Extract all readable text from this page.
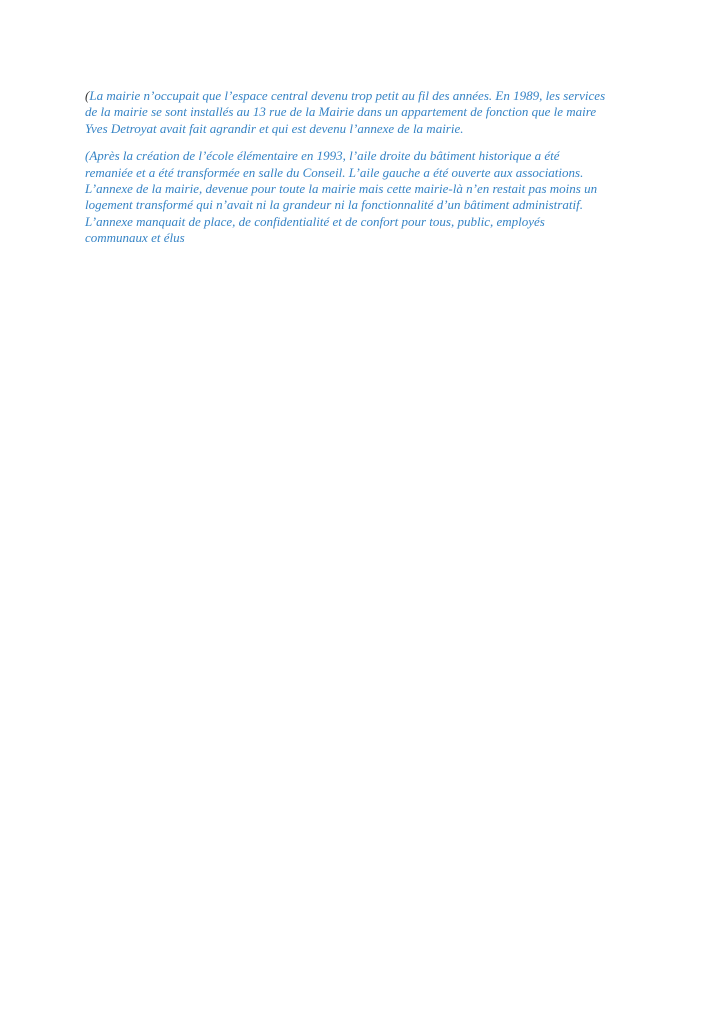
(La mairie n’occupait que l’espace central devenu trop petit au fil des années. En 1989, les services
de la mairie se sont installés au 13 rue de la Mairie dans un appartement de fonction que le maire
Yves Detroyat avait fait agrandir et qui est devenu l’annexe de la mairie.
(Après la création de l’école élémentaire en 1993, l’aile droite du bâtiment historique a été
remaniée et a été transformée en salle du Conseil. L’aile gauche a été ouverte aux associations.
L’annexe de la mairie, devenue pour toute la mairie mais cette mairie-là n’en restait pas moins un
logement transformé qui n’avait ni la grandeur ni la fonctionnalité d’un bâtiment administratif.
L’annexe manquait de place, de confidentialité et de confort pour tous, public, employés
communaux et élus
